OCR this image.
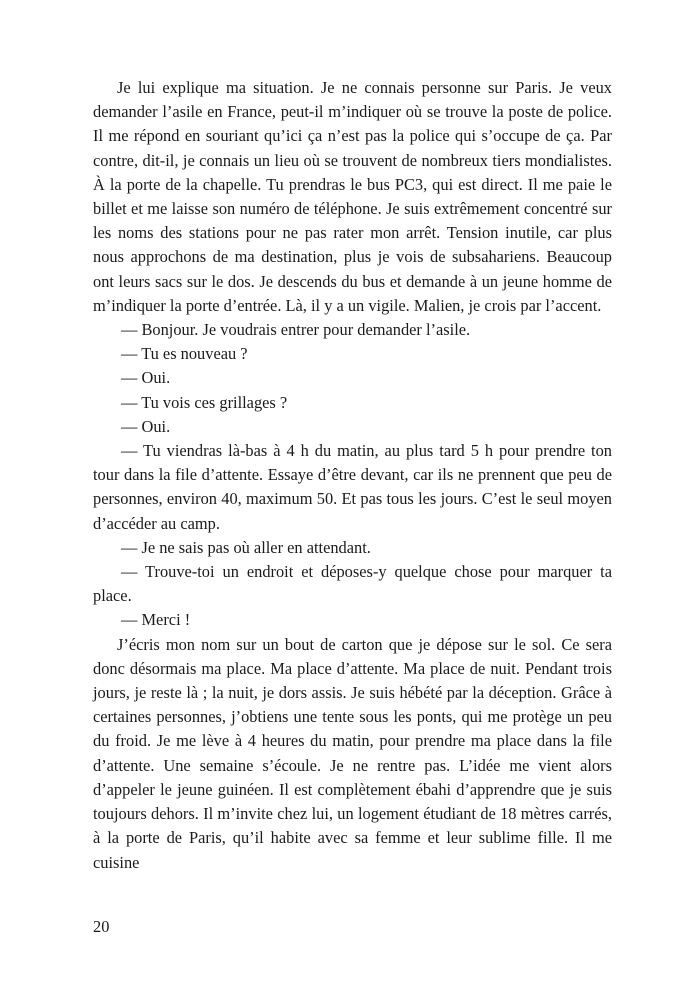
Je lui explique ma situation. Je ne connais personne sur Paris. Je veux demander l’asile en France, peut-il m’indiquer où se trouve la poste de police. Il me répond en souriant qu’ici ça n’est pas la police qui s’occupe de ça. Par contre, dit-il, je connais un lieu où se trouvent de nombreux tiers mondialistes. À la porte de la chapelle. Tu prendras le bus PC3, qui est direct. Il me paie le billet et me laisse son numéro de téléphone. Je suis extrêmement concentré sur les noms des stations pour ne pas rater mon arrêt. Tension inutile, car plus nous approchons de ma destination, plus je vois de subsahariens. Beaucoup ont leurs sacs sur le dos. Je descends du bus et demande à un jeune homme de m’indiquer la porte d’entrée. Là, il y a un vigile. Malien, je crois par l’accent.

— Bonjour. Je voudrais entrer pour demander l’asile.

— Tu es nouveau ?

— Oui.

— Tu vois ces grillages ?

— Oui.

— Tu viendras là-bas à 4 h du matin, au plus tard 5 h pour prendre ton tour dans la file d’attente. Essaye d’être devant, car ils ne prennent que peu de personnes, environ 40, maximum 50. Et pas tous les jours. C’est le seul moyen d’accéder au camp.

— Je ne sais pas où aller en attendant.

— Trouve-toi un endroit et déposes-y quelque chose pour marquer ta place.

— Merci !

J’écris mon nom sur un bout de carton que je dépose sur le sol. Ce sera donc désormais ma place. Ma place d’attente. Ma place de nuit. Pendant trois jours, je reste là ; la nuit, je dors assis. Je suis hébété par la déception. Grâce à certaines personnes, j’obtiens une tente sous les ponts, qui me protège un peu du froid. Je me lève à 4 heures du matin, pour prendre ma place dans la file d’attente. Une semaine s’écoule. Je ne rentre pas. L’idée me vient alors d’appeler le jeune guinéen. Il est complètement ébahi d’apprendre que je suis toujours dehors. Il m’invite chez lui, un logement étudiant de 18 mètres carrés, à la porte de Paris, qu’il habite avec sa femme et leur sublime fille. Il me cuisine

20
